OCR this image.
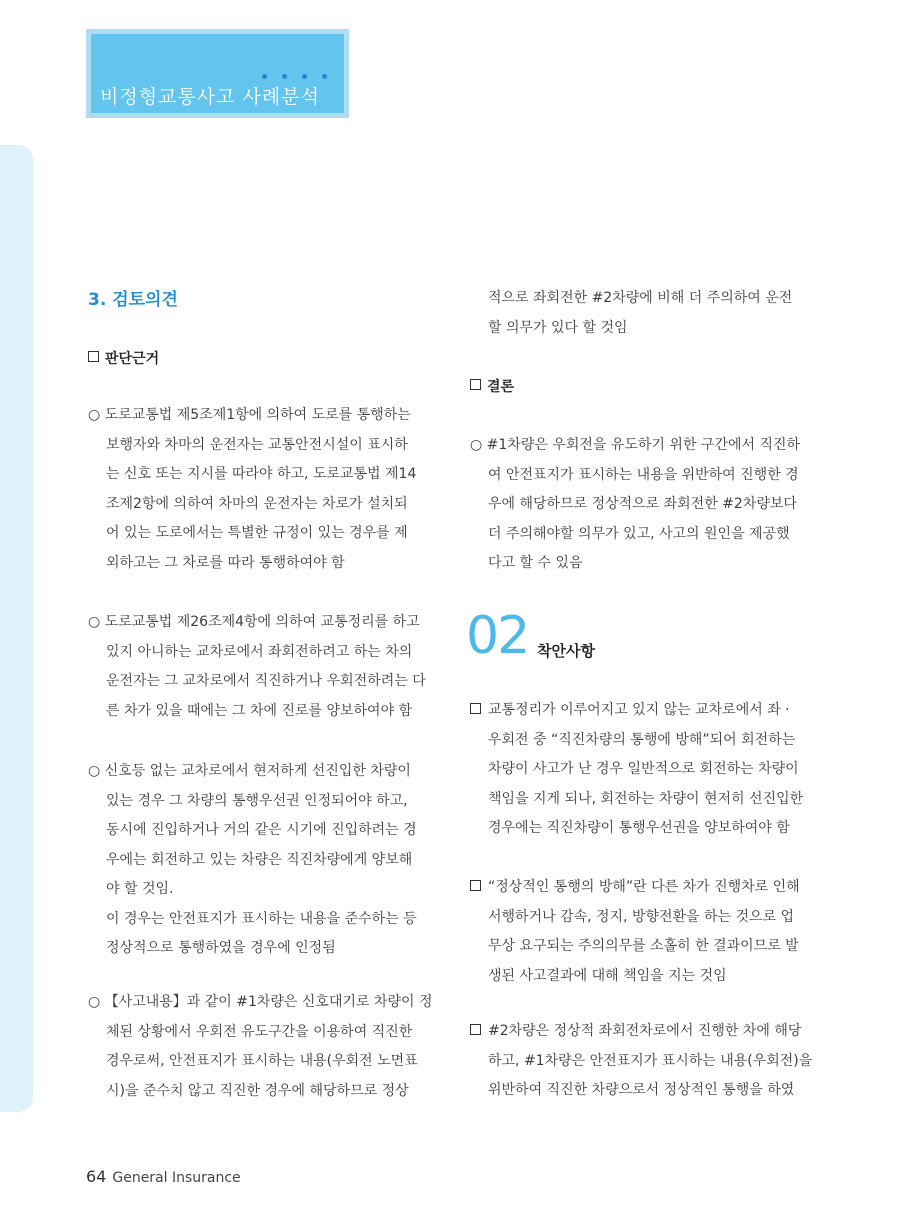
비정형교통사고 사례분석
3. 검토의견
판단근거
○ 도로교통법 제5조제1항에 의하여 도로를 통행하는
보행자와 차마의 운전자는 교통안전시설이 표시하
는 신호 또는 지시를 따라야 하고, 도로교통법 제14
조제2항에 의하여 차마의 운전자는 차로가 설치되
어 있는 도로에서는 특별한 규정이 있는 경우를 제
외하고는 그 차로를 따라 통행하여야 함
○ 도로교통법 제26조제4항에 의하여 교통정리를 하고
있지 아니하는 교차로에서 좌회전하려고 하는 차의
운전자는 그 교차로에서 직진하거나 우회전하려는 다
른 차가 있을 때에는 그 차에 진로를 양보하여야 함
○ 신호등 없는 교차로에서 현저하게 선진입한 차량이
있는 경우 그 차량의 통행우선권 인정되어야 하고,
동시에 진입하거나 거의 같은 시기에 진입하려는 경
우에는 회전하고 있는 차량은 직진차량에게 양보해
야 할 것임.
이 경우는 안전표지가 표시하는 내용을 준수하는 등
정상적으로 통행하였을 경우에 인정됨
○ 【사고내용】과 같이 #1차량은 신호대기로 차량이 정
체된 상황에서 우회전 유도구간을 이용하여 직진한
경우로써, 안전표지가 표시하는 내용(우회전 노면표
시)을 준수치 않고 직진한 경우에 해당하므로 정상
적으로 좌회전한 #2차량에 비해 더 주의하여 운전
할 의무가 있다 할 것임
결론
○ #1차량은 우회전을 유도하기 위한 구간에서 직진하
여 안전표지가 표시하는 내용을 위반하여 진행한 경
우에 해당하므로 정상적으로 좌회전한 #2차량보다
더 주의해야할 의무가 있고, 사고의 원인을 제공했
다고 할 수 있음
02 착안사항
교통정리가 이루어지고 있지 않는 교차로에서 좌 ·
우회전 중 “직진차량의 통행에 방해”되어 회전하는
차량이 사고가 난 경우 일반적으로 회전하는 차량이
책임을 지게 되나, 회전하는 차량이 현저히 선진입한
경우에는 직진차량이 통행우선권을 양보하여야 함
“정상적인 통행의 방해”란 다른 차가 진행차로 인해
서행하거나 감속, 정지, 방향전환을 하는 것으로 업
무상 요구되는 주의의무를 소홀히 한 결과이므로 발
생된 사고결과에 대해 책임을 지는 것임
#2차량은 정상적 좌회전차로에서 진행한 차에 해당
하고, #1차량은 안전표지가 표시하는 내용(우회전)을
위반하여 직진한 차량으로서 정상적인 통행을 하였
64 General Insurance
